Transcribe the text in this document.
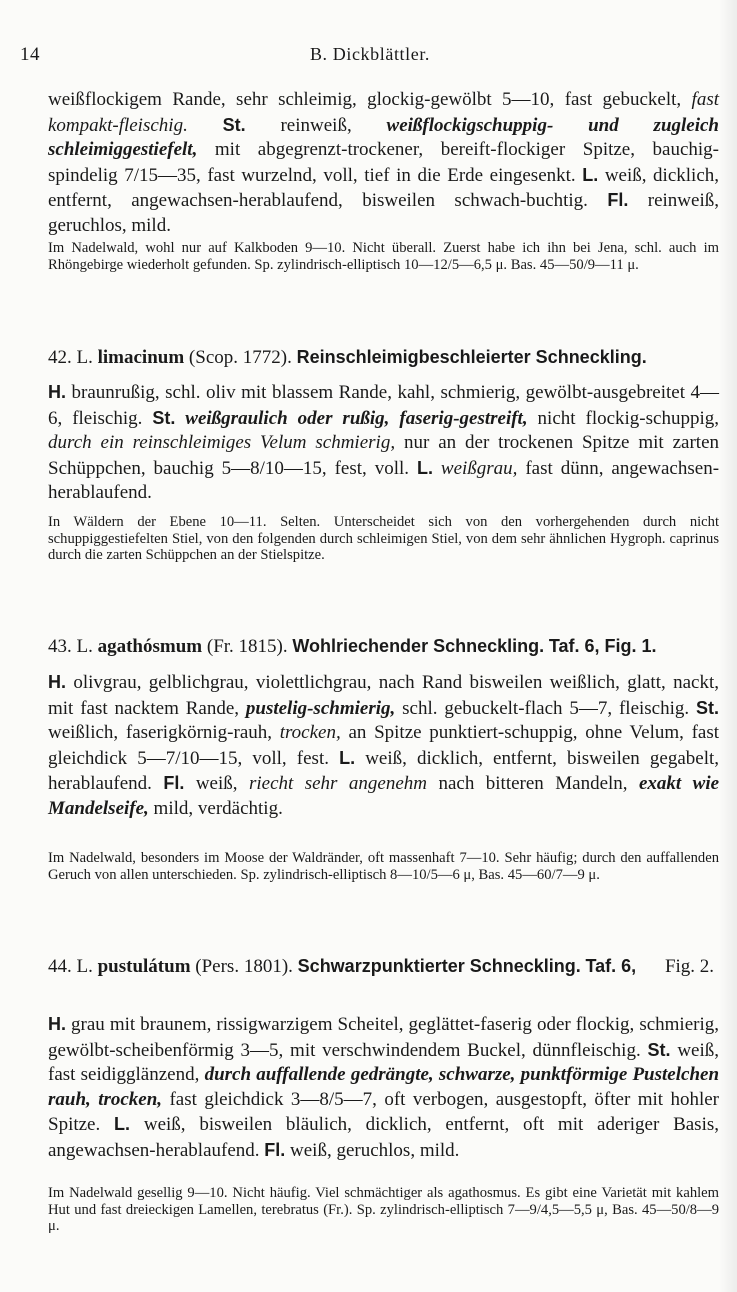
14	B. Dickblättler.
weißflockigem Rande, sehr schleimig, glockig-gewölbt 5—10, fast gebuckelt, fast kompakt-fleischig. St. reinweiß, weißflockigschuppig- und zugleich schleimiggestiefelt, mit abgegrenzt-trockener, bereift-flockiger Spitze, bauchig-spindelig 7/15—35, fast wurzelnd, voll, tief in die Erde eingesenkt. L. weiß, dicklich, entfernt, angewachsen-herablaufend, bisweilen schwach-buchtig. Fl. reinweiß, geruchlos, mild.
Im Nadelwald, wohl nur auf Kalkboden 9—10. Nicht überall. Zuerst habe ich ihn bei Jena, schl. auch im Rhöngebirge wiederholt gefunden. Sp. zylindrisch-elliptisch 10—12/5—6,5 μ. Bas. 45—50/9—11 μ.
42. L. limacinum (Scop. 1772). Reinschleimigbeschleierter Schneckling.
H. braunrußig, schl. oliv mit blassem Rande, kahl, schmierig, gewölbt-ausgebreitet 4—6, fleischig. St. weißgraulich oder rußig, faserig-gestreift, nicht flockig-schuppig, durch ein reinschleimiges Velum schmierig, nur an der trockenen Spitze mit zarten Schüppchen, bauchig 5—8/10—15, fest, voll. L. weißgrau, fast dünn, angewachsen-herablaufend.
In Wäldern der Ebene 10—11. Selten. Unterscheidet sich von den vorhergehenden durch nicht schuppiggestiefelten Stiel, von den folgenden durch schleimigen Stiel, von dem sehr ähnlichen Hygroph. caprinus durch die zarten Schüppchen an der Stielspitze.
43. L. agathósmum (Fr. 1815). Wohlriechender Schneckling. Taf. 6, Fig. 1.
H. olivgrau, gelblichgrau, violettlichgrau, nach Rand bisweilen weißlich, glatt, nackt, mit fast nacktem Rande, pustelig-schmierig, schl. gebuckelt-flach 5—7, fleischig. St. weißlich, faserigkörnig-rauh, trocken, an Spitze punktiert-schuppig, ohne Velum, fast gleichdick 5—7/10—15, voll, fest. L. weiß, dicklich, entfernt, bisweilen gegabelt, herablaufend. Fl. weiß, riecht sehr angenehm nach bitteren Mandeln, exakt wie Mandelseife, mild, verdächtig.
Im Nadelwald, besonders im Moose der Waldränder, oft massenhaft 7—10. Sehr häufig; durch den auffallenden Geruch von allen unterschieden. Sp. zylindrisch-elliptisch 8—10/5—6 μ, Bas. 45—60/7—9 μ.
44. L. pustulátum (Pers. 1801). Schwarzpunktierter Schneckling. Taf. 6, Fig. 2.
H. grau mit braunem, rissigwarzigem Scheitel, geglättet-faserig oder flockig, schmierig, gewölbt-scheibenförmig 3—5, mit verschwindendem Buckel, dünnfleischig. St. weiß, fast seidigglänzend, durch auffallende gedrängte, schwarze, punktförmige Pustelchen rauh, trocken, fast gleichdick 3—8/5—7, oft verbogen, ausgestopft, öfter mit hohler Spitze. L. weiß, bisweilen bläulich, dicklich, entfernt, oft mit aderiger Basis, angewachsen-herablaufend. Fl. weiß, geruchlos, mild.
Im Nadelwald gesellig 9—10. Nicht häufig. Viel schmächtiger als agathosmus. Es gibt eine Varietät mit kahlem Hut und fast dreieckigen Lamellen, terebratus (Fr.). Sp. zylindrisch-elliptisch 7—9/4,5—5,5 μ, Bas. 45—50/8—9 μ.
